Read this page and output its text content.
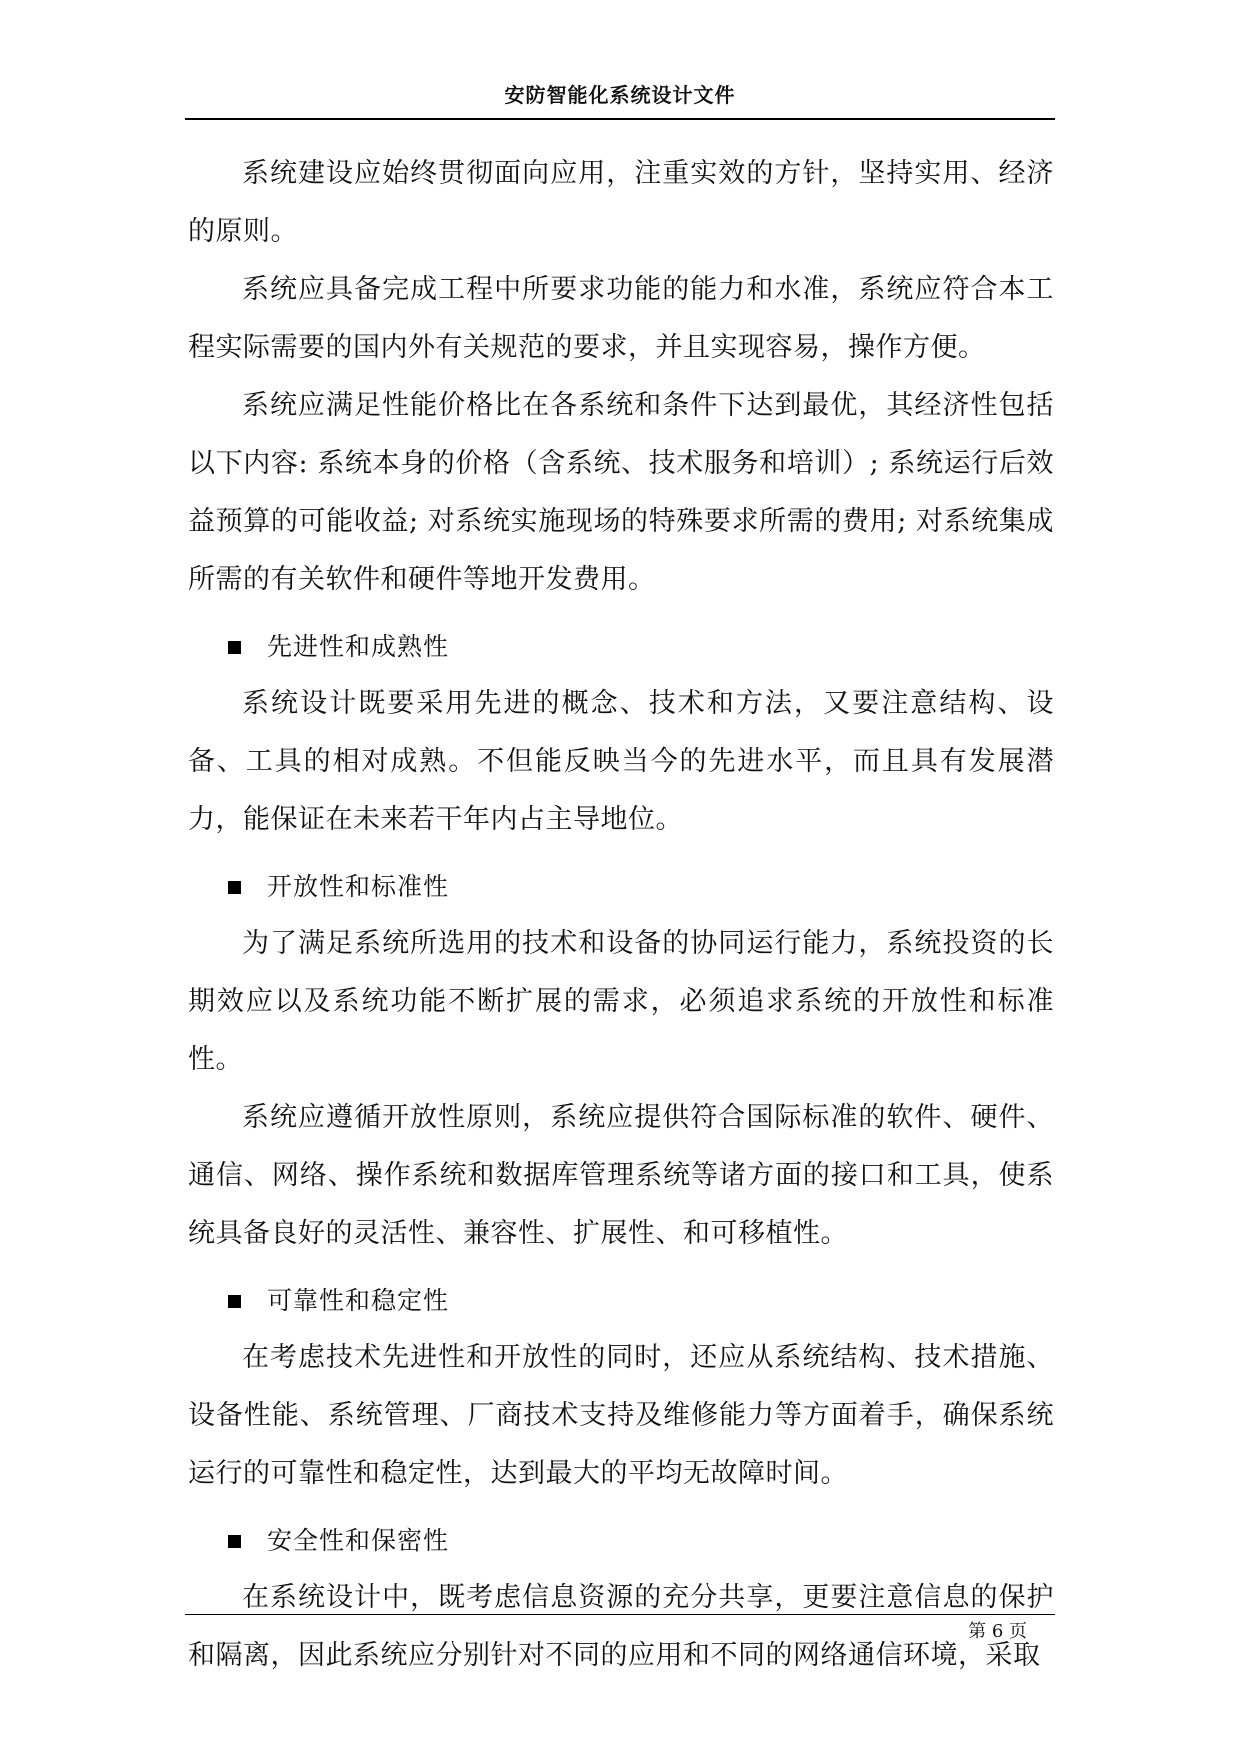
安防智能化系统设计文件

系统建设应始终贯彻面向应用，注重实效的方针，坚持实用、经济的原则。

系统应具备完成工程中所要求功能的能力和水准，系统应符合本工程实际需要的国内外有关规范的要求，并且实现容易，操作方便。

系统应满足性能价格比在各系统和条件下达到最优，其经济性包括以下内容: 系统本身的价格（含系统、技术服务和培训）; 系统运行后效益预算的可能收益; 对系统实施现场的特殊要求所需的费用; 对系统集成所需的有关软件和硬件等地开发费用。

先进性和成熟性

系统设计既要采用先进的概念、技术和方法，又要注意结构、设备、工具的相对成熟。不但能反映当今的先进水平，而且具有发展潜力，能保证在未来若干年内占主导地位。

开放性和标准性

为了满足系统所选用的技术和设备的协同运行能力，系统投资的长期效应以及系统功能不断扩展的需求，必须追求系统的开放性和标准性。

系统应遵循开放性原则，系统应提供符合国际标准的软件、硬件、通信、网络、操作系统和数据库管理系统等诸方面的接口和工具，使系统具备良好的灵活性、兼容性、扩展性、和可移植性。

可靠性和稳定性

在考虑技术先进性和开放性的同时，还应从系统结构、技术措施、设备性能、系统管理、厂商技术支持及维修能力等方面着手，确保系统运行的可靠性和稳定性，达到最大的平均无故障时间。

安全性和保密性

在系统设计中，既考虑信息资源的充分共享，更要注意信息的保护和隔离，因此系统应分别针对不同的应用和不同的网络通信环境，采取

第 6 页
